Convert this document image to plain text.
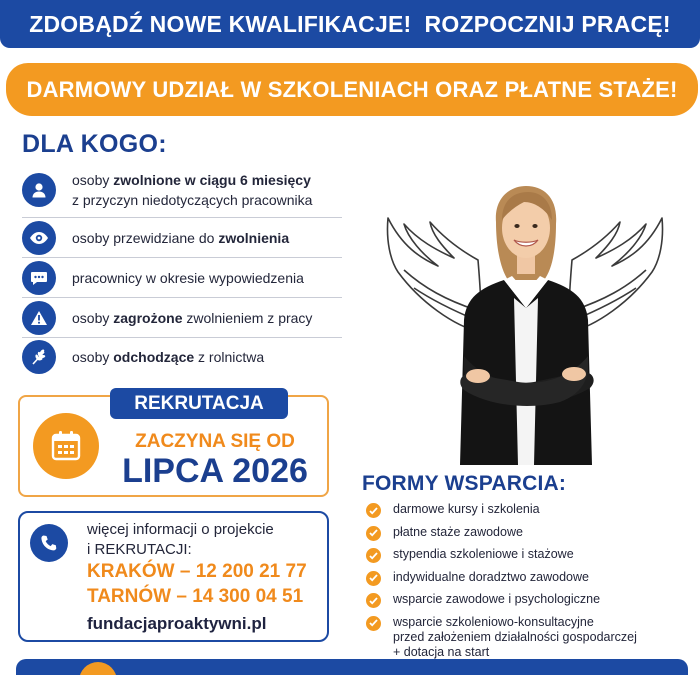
ZDOBĄDŹ NOWE KWALIFIKACJE!  ROZPOCZNIJ PRACĘ!
DARMOWY UDZIAŁ W SZKOLENIACH ORAZ PŁATNE STAŻE!
DLA KOGO:
osoby zwolnione w ciągu 6 miesięcy
z przyczyn niedotyczących pracownika
osoby przewidziane do zwolnienia
pracownicy w okresie wypowiedzenia
osoby zagrożone zwolnieniem z pracy
osoby odchodzące z rolnictwa
REKRUTACJA
ZACZYNA SIĘ OD
LIPCA 2026
więcej informacji o projekcie
i REKRUTACJI:
KRAKÓW – 12 200 21 77
TARNÓW – 14 300 04 51
fundacjaproaktywni.pl
FORMY WSPARCIA:
darmowe kursy i szkolenia
płatne staże zawodowe
stypendia szkoleniowe i stażowe
indywidualne doradztwo zawodowe
wsparcie zawodowe i psychologiczne
wsparcie szkoleniowo-konsultacyjne
przed założeniem działalności gospodarczej
+ dotacja na start
